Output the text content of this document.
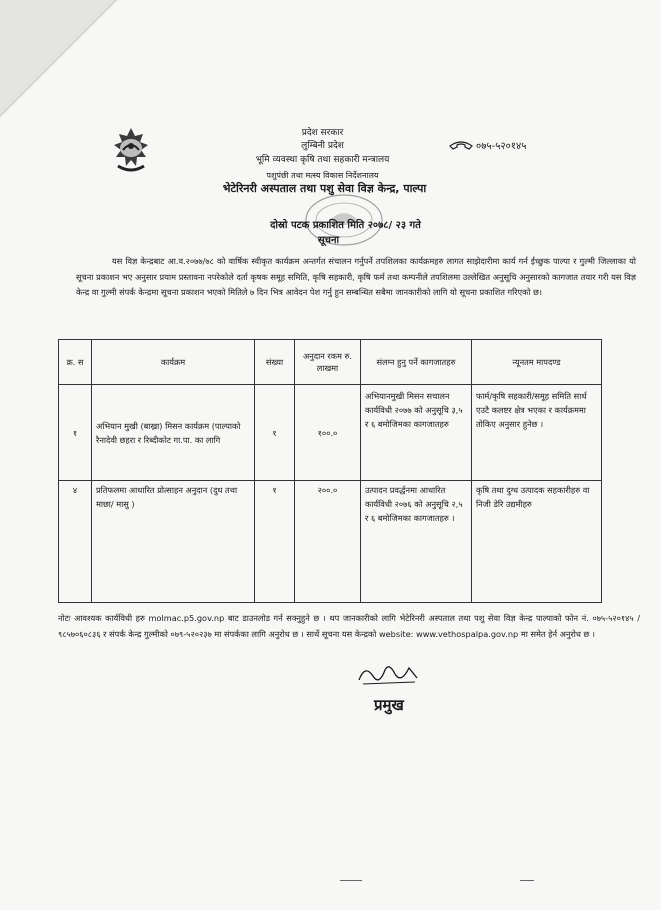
प्रदेश सरकार
लुम्बिनी प्रदेश
भूमि व्यवस्था कृषि तथा सहकारी मन्त्रालय
पशुपंछी तथा मत्स्य विकास निर्देशनालय
भेटेरिनरी अस्पताल तथा पशु सेवा विज्ञ केन्द्र, पाल्पा
०७५-५२०१४५
दोस्रो पटक प्रकाशित मिति २०७८/ २३ गते
सूचना
यस विज्ञ केन्द्रबाट आ.व.२०७७/७८ को वार्षिक स्वीकृत कार्यक्रम अन्तर्गत संचालन गर्नुपर्ने तपशिलका कार्यक्रमहरु लागत साझेदारीमा कार्य गर्न ईच्छुक पाल्पा र गुल्मी जिल्लाका यो सूचना प्रकाशन भए अनुसार प्रयाम प्रस्तावना नपरेकोले दर्ता कृषक समूह समिति, कृषि सहकारी, कृषि फर्म तथा कम्पनीले तपशिलमा उल्लेखित अनुसूचि अनुसारको कागजात तयार गरी यस विज्ञ केन्द्र वा गुल्मी संपर्क केन्द्रमा सूचना प्रकाशन भएको मितिले ७ दिन भित्र आवेदन पेश गर्नु हुन सम्बन्धित सबैमा जानकारीको लागि यो सूचना प्रकाशित गरिएको छ।
क्र. स	कार्यक्रम	संख्या	अनुदान रकम रु. लाखमा	संलग्न हुनु पर्ने कागजातहरु	न्यूनतम मापदण्ड
१	अभियान मुखी (बाख्रा) मिसन कार्यक्रम (पाल्पाको रैनादेवी छहरा र रिब्दीकोट गा.पा. का लागि	१	१००.०	अभियानमुखी मिसन सचालन कार्यविधी २०७७ को अनुसूचि ३,५ र ६ बमोजिमका कागजातहरु	फार्म/कृषि सहकारी/समूह समिति सार्थ एउटै कलष्टर क्षेत्र भएका र कार्यक्रममा तोकिए अनुसार हुनेछ ।
४	प्रतिफलमा आधारित प्रोत्साहन अनुदान (दुध तथा माछा/ मासु )	१	२००.०	उत्पादन प्रवर्द्धनमा आधारित कार्यविधी २०७६ को अनुसूचि २,५ र ६ बमोजिमका कागजातहरु ।	कृषि तथा दुग्ध उत्पादक सहकारीहरु वा निजी डेरि उद्यमीहरु
नोटः आवश्यक कार्यविधी हरु molmac.p5.gov.np बाट डाउनलोड गर्न सक्नुहुने छ । थप जानकारीको लागि भेटेरिनरी अस्पताल तथा पशु सेवा विज्ञ केन्द्र पाल्पाको फोन नं. ०७५-५२०१४५ /९८५७०६०८३६ र संपर्क केन्द्र गुल्मीको ०७९-५२०२३७ मा संपर्कका लागि अनुरोध छ । सार्थे सूचना यस केन्द्रको website: www.vethospalpa.gov.np मा समेत हेर्न अनुरोध छ ।
प्रमुख
